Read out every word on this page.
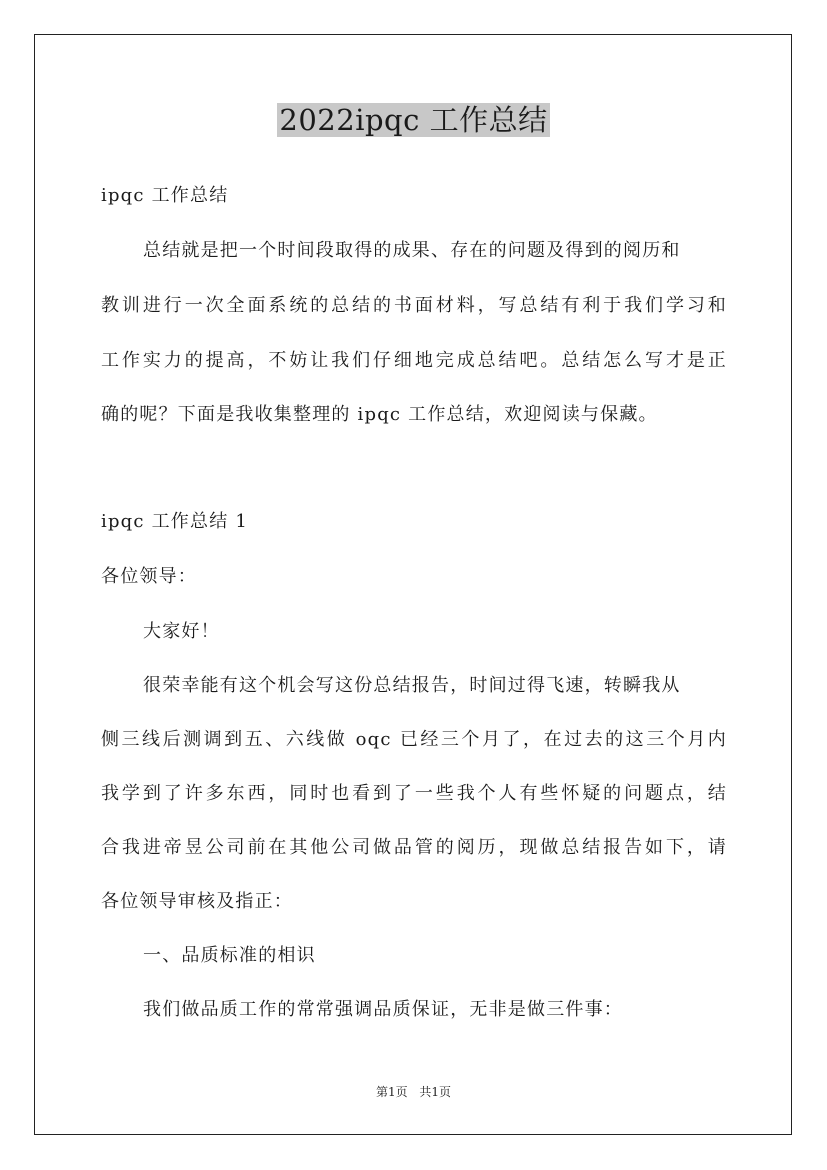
2022ipqc 工作总结
ipqc 工作总结
总结就是把一个时间段取得的成果、存在的问题及得到的阅历和
教训进行一次全面系统的总结的书面材料，写总结有利于我们学习和
工作实力的提高，不妨让我们仔细地完成总结吧。总结怎么写才是正
确的呢？下面是我收集整理的 ipqc 工作总结，欢迎阅读与保藏。
ipqc 工作总结 1
各位领导：
大家好！
很荣幸能有这个机会写这份总结报告，时间过得飞速，转瞬我从
侧三线后测调到五、六线做 oqc 已经三个月了，在过去的这三个月内
我学到了许多东西，同时也看到了一些我个人有些怀疑的问题点，结
合我进帝昱公司前在其他公司做品管的阅历，现做总结报告如下，请
各位领导审核及指正：
一、品质标准的相识
我们做品质工作的常常强调品质保证，无非是做三件事：
第1页 共1页
